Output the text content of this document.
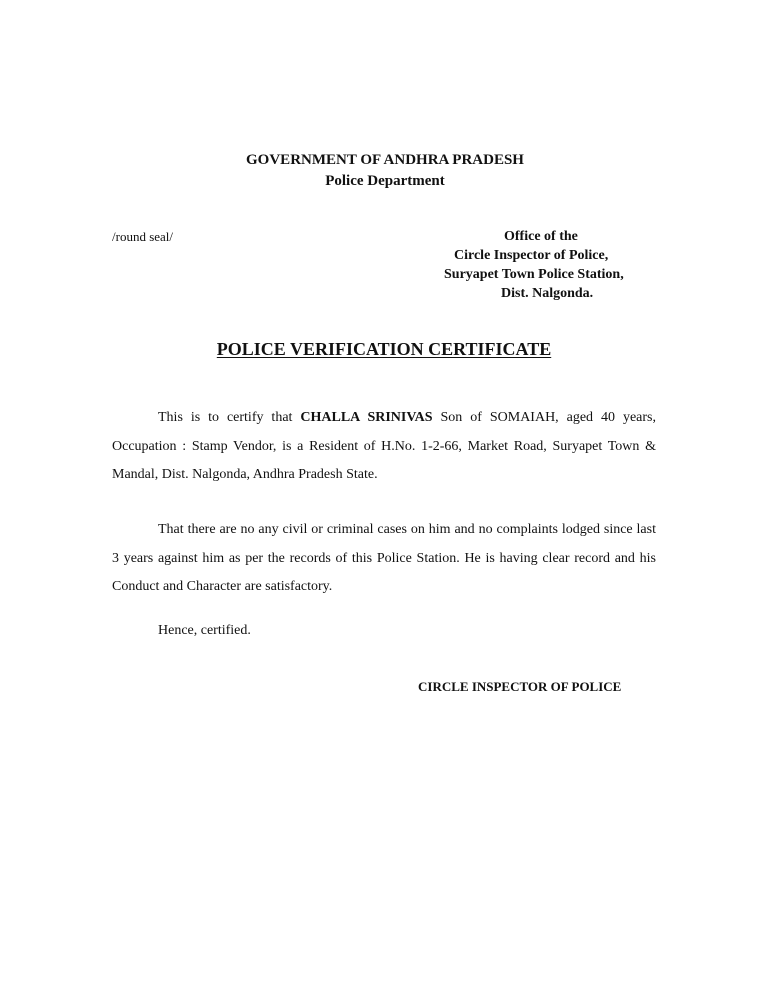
GOVERNMENT OF ANDHRA PRADESH
Police Department
/round seal/	Office of the
Circle Inspector of Police,
Suryapet Town Police Station,
Dist. Nalgonda.
POLICE VERIFICATION CERTIFICATE

This is to certify that CHALLA SRINIVAS Son of SOMAIAH, aged 40 years, Occupation : Stamp Vendor, is a Resident of H.No. 1-2-66, Market Road, Suryapet Town & Mandal, Dist. Nalgonda, Andhra Pradesh State.

That there are no any civil or criminal cases on him and no complaints lodged since last 3 years against him as per the records of this Police Station. He is having clear record and his Conduct and Character are satisfactory.

Hence, certified.

CIRCLE INSPECTOR OF POLICE
